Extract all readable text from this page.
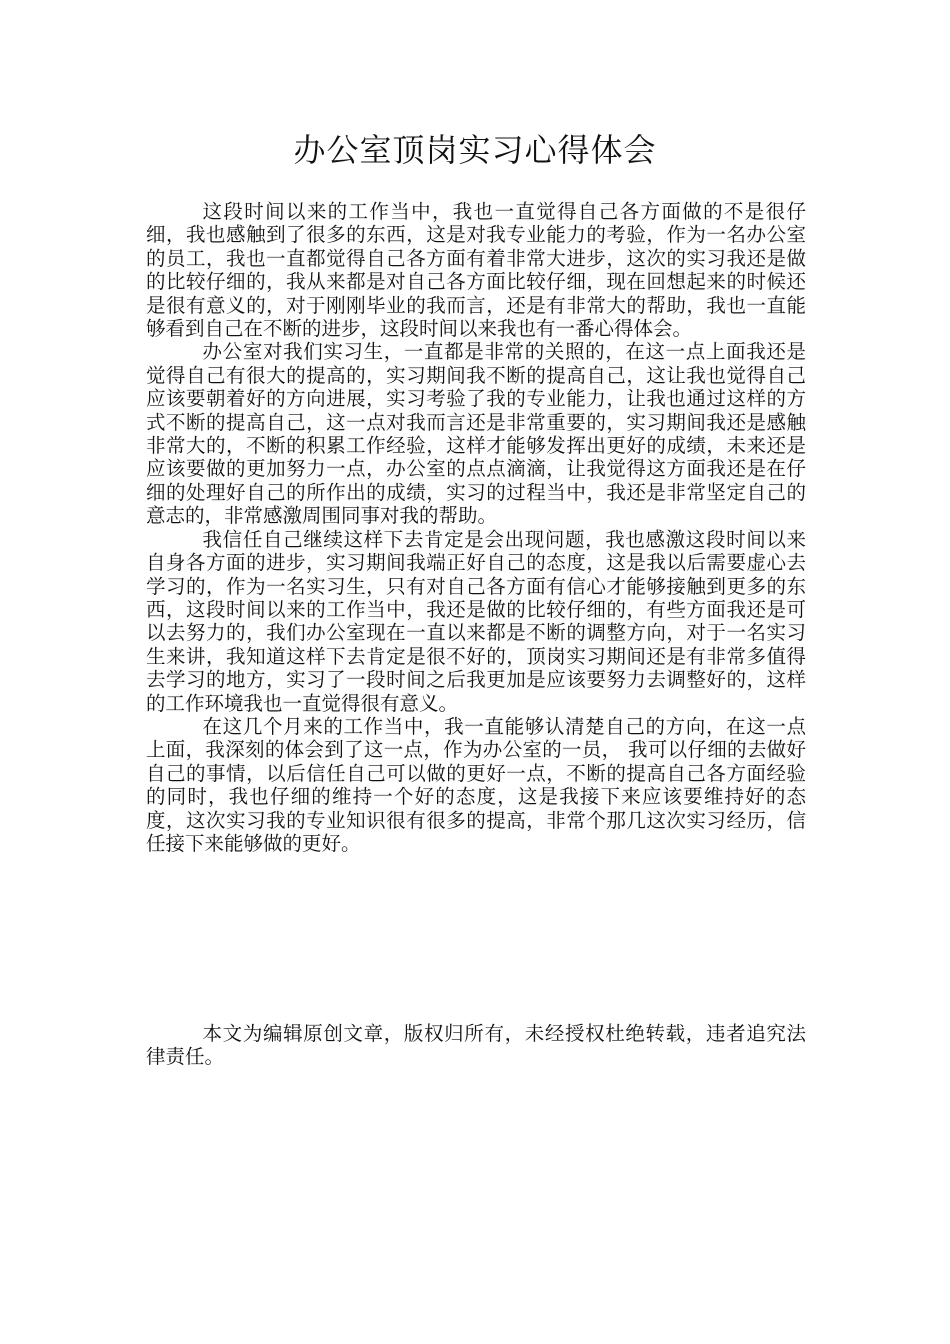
办公室顶岗实习心得体会

这段时间以来的工作当中，我也一直觉得自己各方面做的不是很仔细，我也感触到了很多的东西，这是对我专业能力的考验，作为一名办公室的员工，我也一直都觉得自己各方面有着非常大进步，这次的实习我还是做的比较仔细的，我从来都是对自己各方面比较仔细，现在回想起来的时候还是很有意义的，对于刚刚毕业的我而言，还是有非常大的帮助，我也一直能够看到自己在不断的进步，这段时间以来我也有一番心得体会。

办公室对我们实习生，一直都是非常的关照的，在这一点上面我还是觉得自己有很大的提高的，实习期间我不断的提高自己，这让我也觉得自己应该要朝着好的方向进展，实习考验了我的专业能力，让我也通过这样的方式不断的提高自己，这一点对我而言还是非常重要的，实习期间我还是感触非常大的，不断的积累工作经验，这样才能够发挥出更好的成绩，未来还是应该要做的更加努力一点，办公室的点点滴滴，让我觉得这方面我还是在仔细的处理好自己的所作出的成绩，实习的过程当中，我还是非常坚定自己的意志的，非常感激周围同事对我的帮助。

我信任自己继续这样下去肯定是会出现问题，我也感激这段时间以来自身各方面的进步，实习期间我端正好自己的态度，这是我以后需要虚心去学习的，作为一名实习生，只有对自己各方面有信心才能够接触到更多的东西，这段时间以来的工作当中，我还是做的比较仔细的，有些方面我还是可以去努力的，我们办公室现在一直以来都是不断的调整方向，对于一名实习生来讲，我知道这样下去肯定是很不好的，顶岗实习期间还是有非常多值得去学习的地方，实习了一段时间之后我更加是应该要努力去调整好的，这样的工作环境我也一直觉得很有意义。

在这几个月来的工作当中，我一直能够认清楚自己的方向，在这一点上面，我深刻的体会到了这一点，作为办公室的一员， 我可以仔细的去做好自己的事情，以后信任自己可以做的更好一点，不断的提高自己各方面经验的同时，我也仔细的维持一个好的态度，这是我接下来应该要维持好的态度，这次实习我的专业知识很有很多的提高，非常个那几这次实习经历，信任接下来能够做的更好。

本文为编辑原创文章，版权归所有，未经授权杜绝转载，违者追究法律责任。
